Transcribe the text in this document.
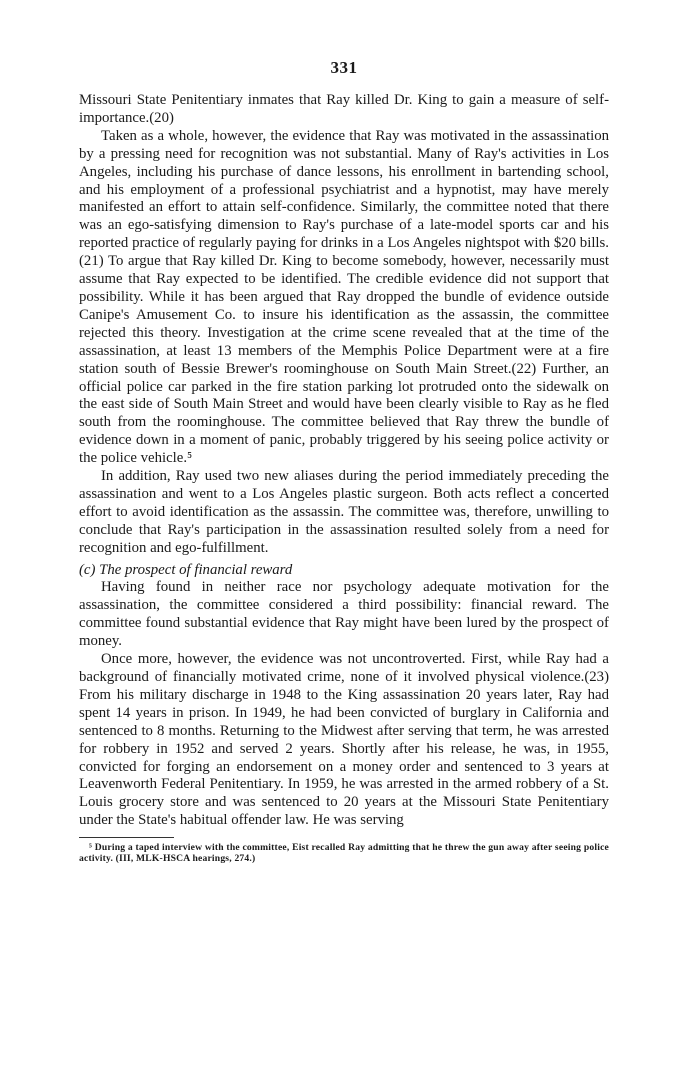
331

Missouri State Penitentiary inmates that Ray killed Dr. King to gain a measure of self-importance.(20)

Taken as a whole, however, the evidence that Ray was motivated in the assassination by a pressing need for recognition was not substantial. Many of Ray's activities in Los Angeles, including his purchase of dance lessons, his enrollment in bartending school, and his employment of a professional psychiatrist and a hypnotist, may have merely manifested an effort to attain self-confidence. Similarly, the committee noted that there was an ego-satisfying dimension to Ray's purchase of a late-model sports car and his reported practice of regularly paying for drinks in a Los Angeles nightspot with $20 bills.(21) To argue that Ray killed Dr. King to become somebody, however, necessarily must assume that Ray expected to be identified. The credible evidence did not support that possibility. While it has been argued that Ray dropped the bundle of evidence outside Canipe's Amusement Co. to insure his identification as the assassin, the committee rejected this theory. Investigation at the crime scene revealed that at the time of the assassination, at least 13 members of the Memphis Police Department were at a fire station south of Bessie Brewer's roominghouse on South Main Street.(22) Further, an official police car parked in the fire station parking lot protruded onto the sidewalk on the east side of South Main Street and would have been clearly visible to Ray as he fled south from the roominghouse. The committee believed that Ray threw the bundle of evidence down in a moment of panic, probably triggered by his seeing police activity or the police vehicle.⁵

In addition, Ray used two new aliases during the period immediately preceding the assassination and went to a Los Angeles plastic surgeon. Both acts reflect a concerted effort to avoid identification as the assassin. The committee was, therefore, unwilling to conclude that Ray's participation in the assassination resulted solely from a need for recognition and ego-fulfillment.

(c) The prospect of financial reward

Having found in neither race nor psychology adequate motivation for the assassination, the committee considered a third possibility: financial reward. The committee found substantial evidence that Ray might have been lured by the prospect of money.

Once more, however, the evidence was not uncontroverted. First, while Ray had a background of financially motivated crime, none of it involved physical violence.(23) From his military discharge in 1948 to the King assassination 20 years later, Ray had spent 14 years in prison. In 1949, he had been convicted of burglary in California and sentenced to 8 months. Returning to the Midwest after serving that term, he was arrested for robbery in 1952 and served 2 years. Shortly after his release, he was, in 1955, convicted for forging an endorsement on a money order and sentenced to 3 years at Leavenworth Federal Penitentiary. In 1959, he was arrested in the armed robbery of a St. Louis grocery store and was sentenced to 20 years at the Missouri State Penitentiary under the State's habitual offender law. He was serving

⁵ During a taped interview with the committee, Eist recalled Ray admitting that he threw the gun away after seeing police activity. (III, MLK-HSCA hearings, 274.)
